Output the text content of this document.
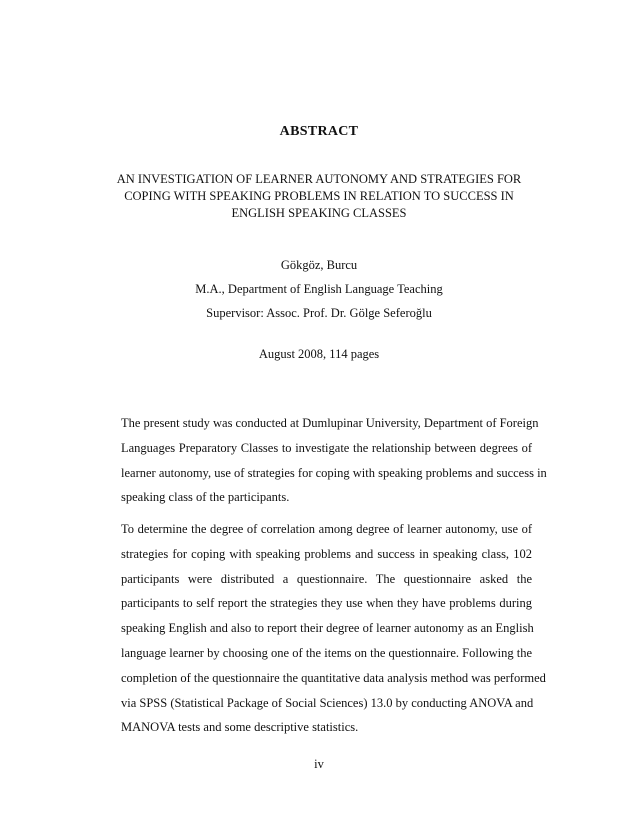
ABSTRACT
AN INVESTIGATION OF LEARNER AUTONOMY AND STRATEGIES FOR
COPING WITH SPEAKING PROBLEMS IN RELATION TO SUCCESS IN
ENGLISH SPEAKING CLASSES
Gökgöz, Burcu
M.A., Department of English Language Teaching
Supervisor: Assoc. Prof. Dr. Gölge Seferoğlu
August 2008, 114 pages
The present study was conducted at Dumlupinar University, Department of Foreign
Languages Preparatory Classes to investigate the relationship between degrees of
learner autonomy, use of strategies for coping with speaking problems and success in
speaking class of the participants.
To determine the degree of correlation among degree of learner autonomy, use of
strategies for coping with speaking problems and success in speaking class, 102
participants were distributed a questionnaire. The questionnaire asked the
participants to self report the strategies they use when they have problems during
speaking English and also to report their degree of learner autonomy as an English
language learner by choosing one of the items on the questionnaire. Following the
completion of the questionnaire the quantitative data analysis method was performed
via SPSS (Statistical Package of Social Sciences) 13.0 by conducting ANOVA and
MANOVA tests and some descriptive statistics.
iv
